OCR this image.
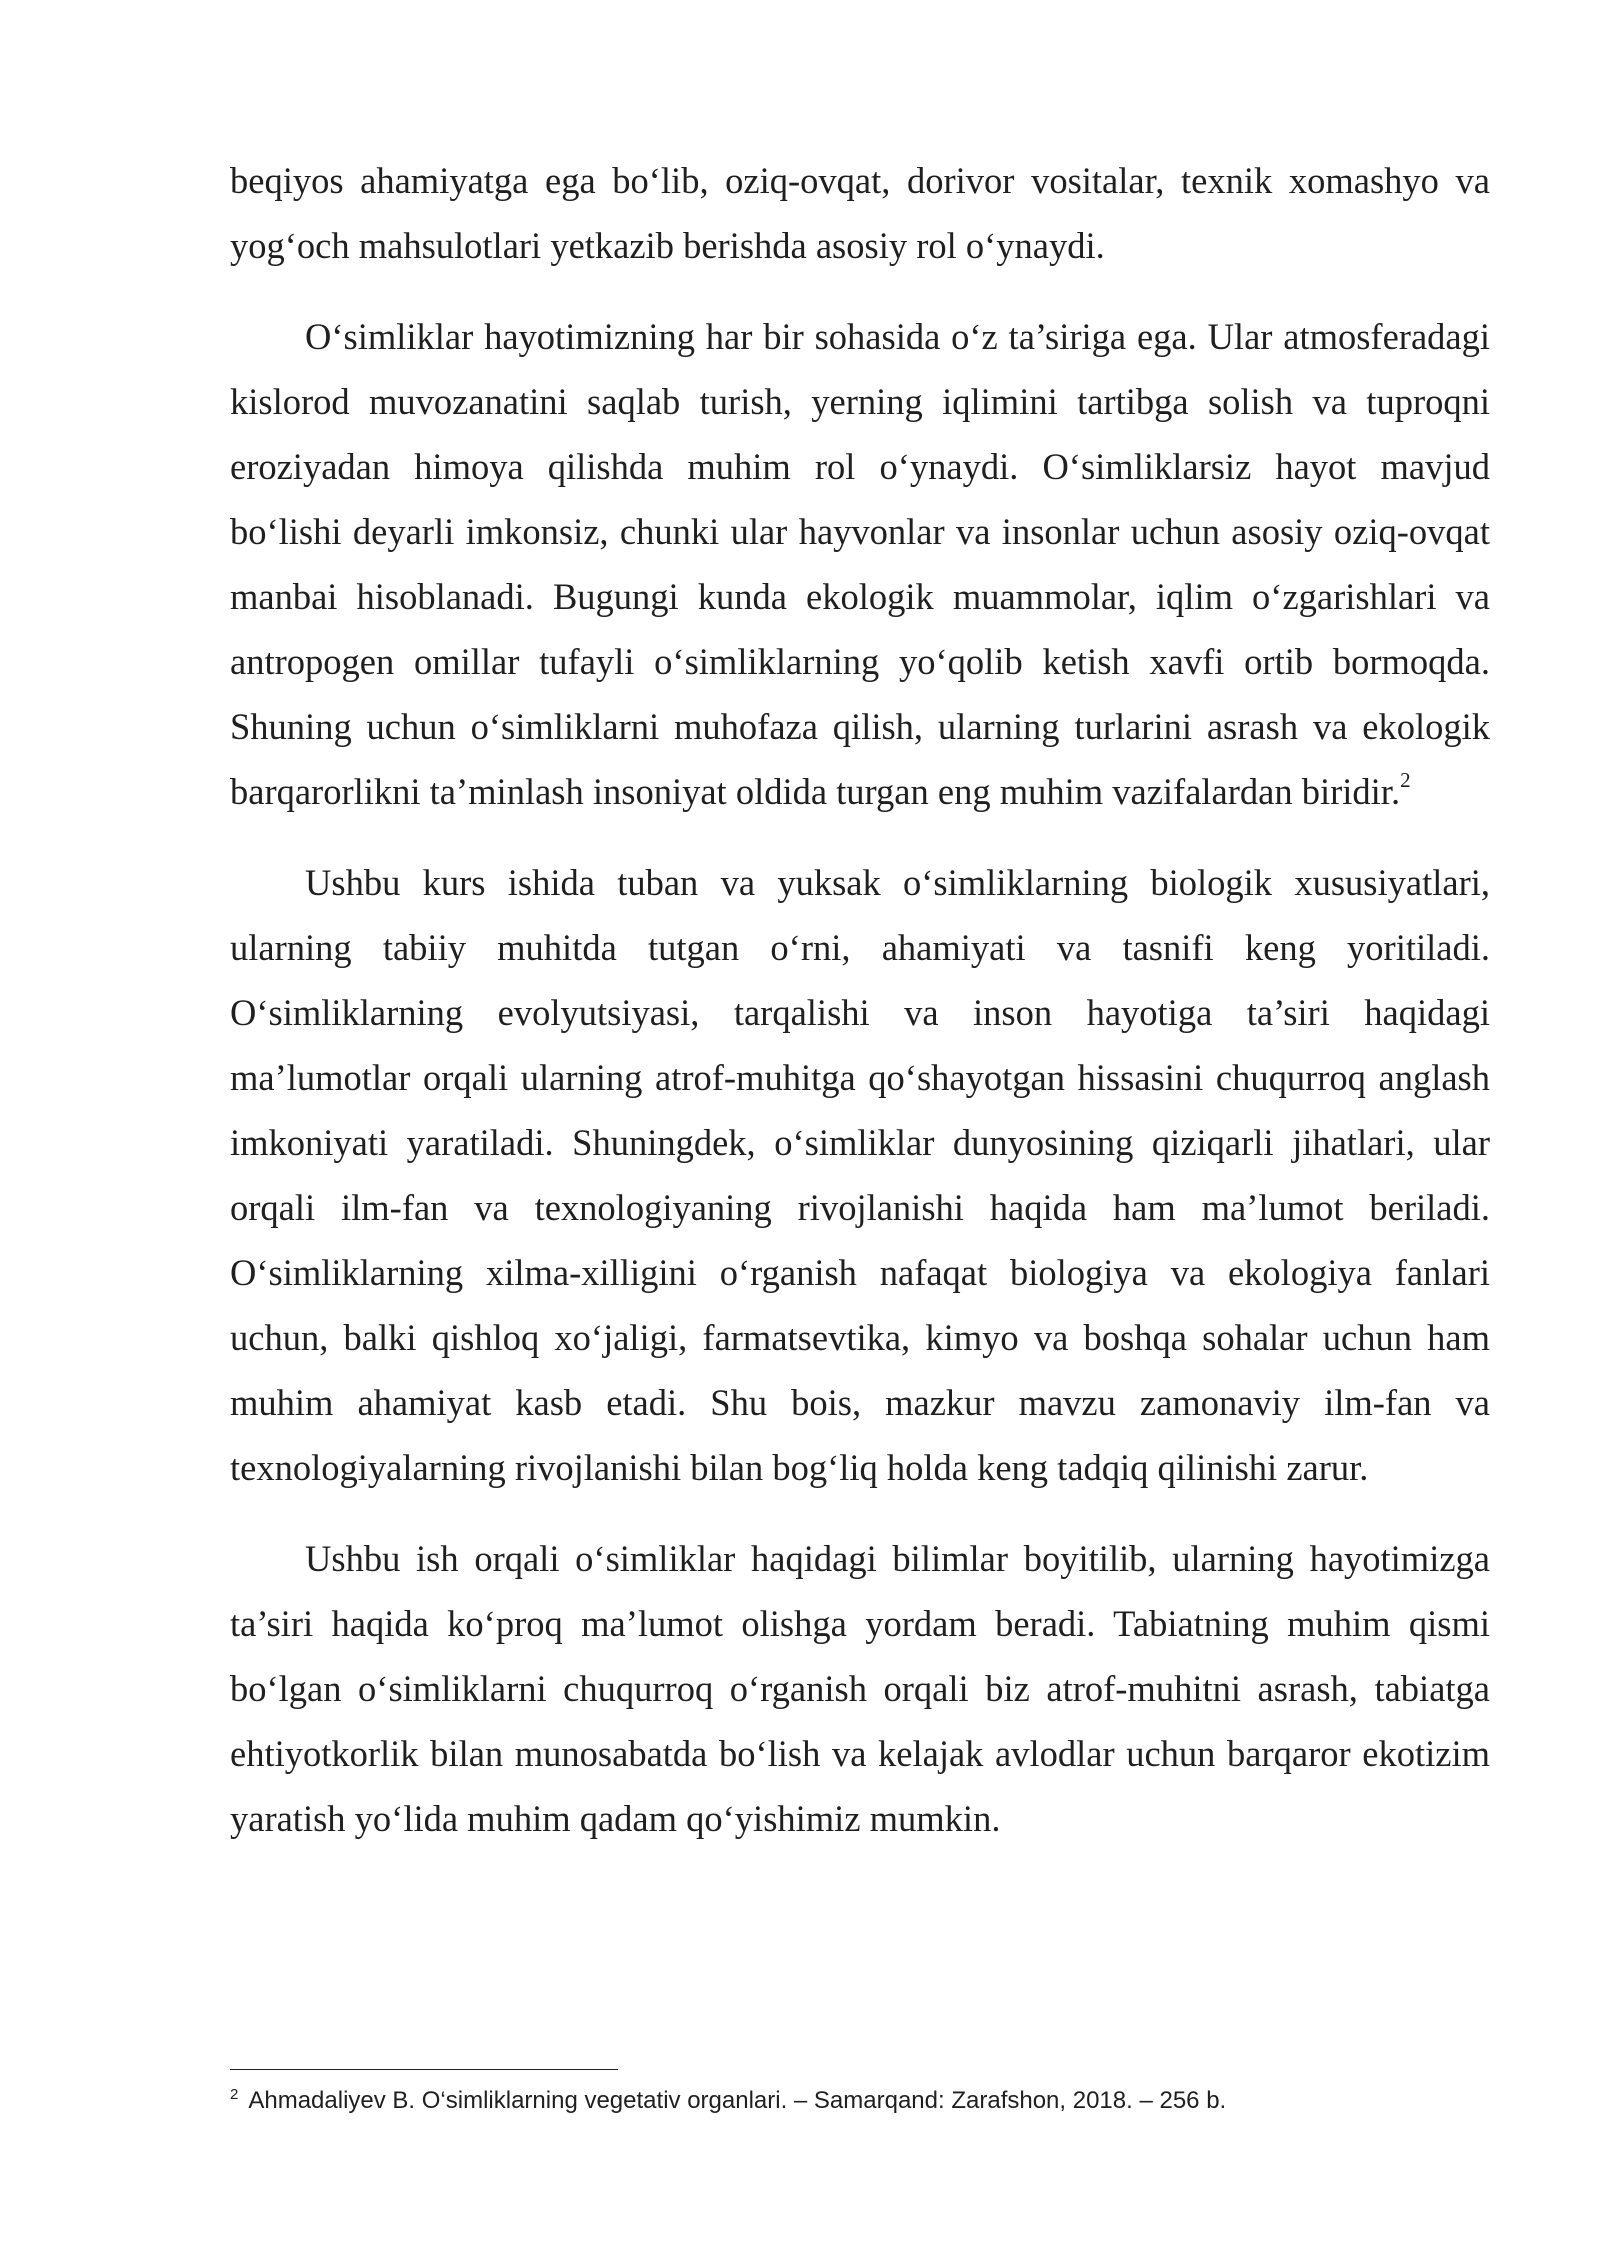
beqiyos ahamiyatga ega bo‘lib, oziq-ovqat, dorivor vositalar, texnik xomashyo va yog‘och mahsulotlari yetkazib berishda asosiy rol o‘ynaydi.

O‘simliklar hayotimizning har bir sohasida o‘z ta’siriga ega. Ular atmosferadagi kislorod muvozanatini saqlab turish, yerning iqlimini tartibga solish va tuproqni eroziyadan himoya qilishda muhim rol o‘ynaydi. O‘simliklarsiz hayot mavjud bo‘lishi deyarli imkonsiz, chunki ular hayvonlar va insonlar uchun asosiy oziq-ovqat manbai hisoblanadi. Bugungi kunda ekologik muammolar, iqlim o‘zgarishlari va antropogen omillar tufayli o‘simliklarning yo‘qolib ketish xavfi ortib bormoqda. Shuning uchun o‘simliklarni muhofaza qilish, ularning turlarini asrash va ekologik barqarorlikni ta’minlash insoniyat oldida turgan eng muhim vazifalardan biridir.$^2$

Ushbu kurs ishida tuban va yuksak o‘simliklarning biologik xususiyatlari, ularning tabiiy muhitda tutgan o‘rni, ahamiyati va tasnifi keng yoritiladi. O‘simliklarning evolyutsiyasi, tarqalishi va inson hayotiga ta’siri haqidagi ma’lumotlar orqali ularning atrof-muhitga qo‘shayotgan hissasini chuqurroq anglash imkoniyati yaratiladi. Shuningdek, o‘simliklar dunyosining qiziqarli jihatlari, ular orqali ilm-fan va texnologiyaning rivojlanishi haqida ham ma’lumot beriladi. O‘simliklarning xilma-xilligini o‘rganish nafaqat biologiya va ekologiya fanlari uchun, balki qishloq xo‘jaligi, farmatsevtika, kimyo va boshqa sohalar uchun ham muhim ahamiyat kasb etadi. Shu bois, mazkur mavzu zamonaviy ilm-fan va texnologiyalarning rivojlanishi bilan bog‘liq holda keng tadqiq qilinishi zarur.

Ushbu ish orqali o‘simliklar haqidagi bilimlar boyitilib, ularning hayotimizga ta’siri haqida ko‘proq ma’lumot olishga yordam beradi. Tabiatning muhim qismi bo‘lgan o‘simliklarni chuqurroq o‘rganish orqali biz atrof-muhitni asrash, tabiatga ehtiyotkorlik bilan munosabatda bo‘lish va kelajak avlodlar uchun barqaror ekotizim yaratish yo‘lida muhim qadam qo‘yishimiz mumkin.

$^2$ Ahmadaliyev B. O‘simliklarning vegetativ organlari. – Samarqand: Zarafshon, 2018. – 256 b.
